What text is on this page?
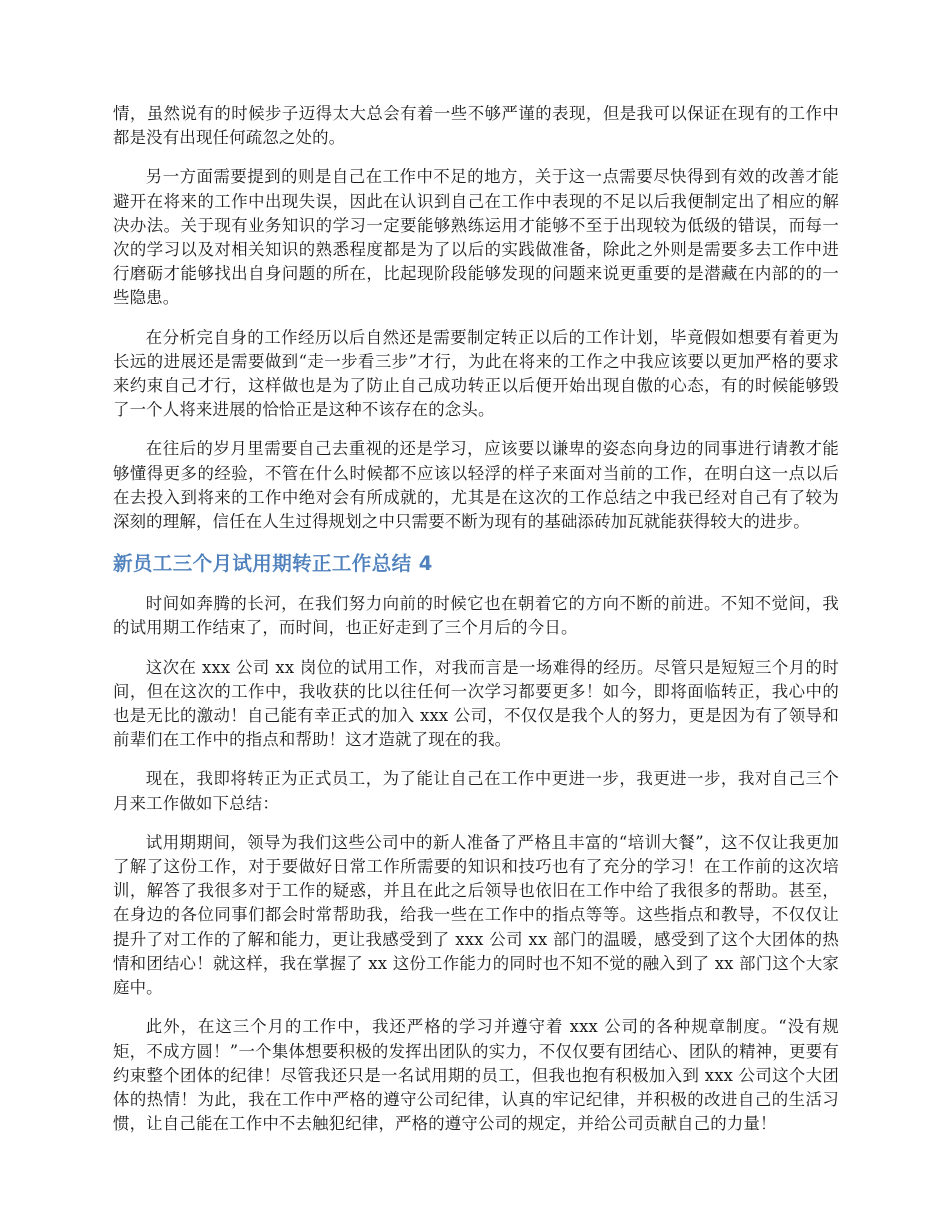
情，虽然说有的时候步子迈得太大总会有着一些不够严谨的表现，但是我可以保证在现有的工作中都是没有出现任何疏忽之处的。

另一方面需要提到的则是自己在工作中不足的地方，关于这一点需要尽快得到有效的改善才能避开在将来的工作中出现失误，因此在认识到自己在工作中表现的不足以后我便制定出了相应的解决办法。关于现有业务知识的学习一定要能够熟练运用才能够不至于出现较为低级的错误，而每一次的学习以及对相关知识的熟悉程度都是为了以后的实践做准备，除此之外则是需要多去工作中进行磨砺才能够找出自身问题的所在，比起现阶段能够发现的问题来说更重要的是潜藏在内部的的一些隐患。

在分析完自身的工作经历以后自然还是需要制定转正以后的工作计划，毕竟假如想要有着更为长远的进展还是需要做到“走一步看三步”才行，为此在将来的工作之中我应该要以更加严格的要求来约束自己才行，这样做也是为了防止自己成功转正以后便开始出现自傲的心态，有的时候能够毁了一个人将来进展的恰恰正是这种不该存在的念头。

在往后的岁月里需要自己去重视的还是学习，应该要以谦卑的姿态向身边的同事进行请教才能够懂得更多的经验，不管在什么时候都不应该以轻浮的样子来面对当前的工作，在明白这一点以后在去投入到将来的工作中绝对会有所成就的，尤其是在这次的工作总结之中我已经对自己有了较为深刻的理解，信任在人生过得规划之中只需要不断为现有的基础添砖加瓦就能获得较大的进步。

新员工三个月试用期转正工作总结 4

时间如奔腾的长河，在我们努力向前的时候它也在朝着它的方向不断的前进。不知不觉间，我的试用期工作结束了，而时间，也正好走到了三个月后的今日。

这次在 xxx 公司 xx 岗位的试用工作，对我而言是一场难得的经历。尽管只是短短三个月的时间，但在这次的工作中，我收获的比以往任何一次学习都要更多！如今，即将面临转正，我心中的也是无比的激动！自己能有幸正式的加入 xxx 公司，不仅仅是我个人的努力，更是因为有了领导和前辈们在工作中的指点和帮助！这才造就了现在的我。

现在，我即将转正为正式员工，为了能让自己在工作中更进一步，我更进一步，我对自己三个月来工作做如下总结：

试用期期间，领导为我们这些公司中的新人准备了严格且丰富的“培训大餐”，这不仅让我更加了解了这份工作，对于要做好日常工作所需要的知识和技巧也有了充分的学习！在工作前的这次培训，解答了我很多对于工作的疑惑，并且在此之后领导也依旧在工作中给了我很多的帮助。甚至，在身边的各位同事们都会时常帮助我，给我一些在工作中的指点等等。这些指点和教导，不仅仅让提升了对工作的了解和能力，更让我感受到了 xxx 公司 xx 部门的温暖，感受到了这个大团体的热情和团结心！就这样，我在掌握了 xx 这份工作能力的同时也不知不觉的融入到了 xx 部门这个大家庭中。

此外，在这三个月的工作中，我还严格的学习并遵守着 xxx 公司的各种规章制度。“没有规矩，不成方圆！”一个集体想要积极的发挥出团队的实力，不仅仅要有团结心、团队的精神，更要有约束整个团体的纪律！尽管我还只是一名试用期的员工，但我也抱有积极加入到 xxx 公司这个大团体的热情！为此，我在工作中严格的遵守公司纪律，认真的牢记纪律，并积极的改进自己的生活习惯，让自己能在工作中不去触犯纪律，严格的遵守公司的规定，并给公司贡献自己的力量！
